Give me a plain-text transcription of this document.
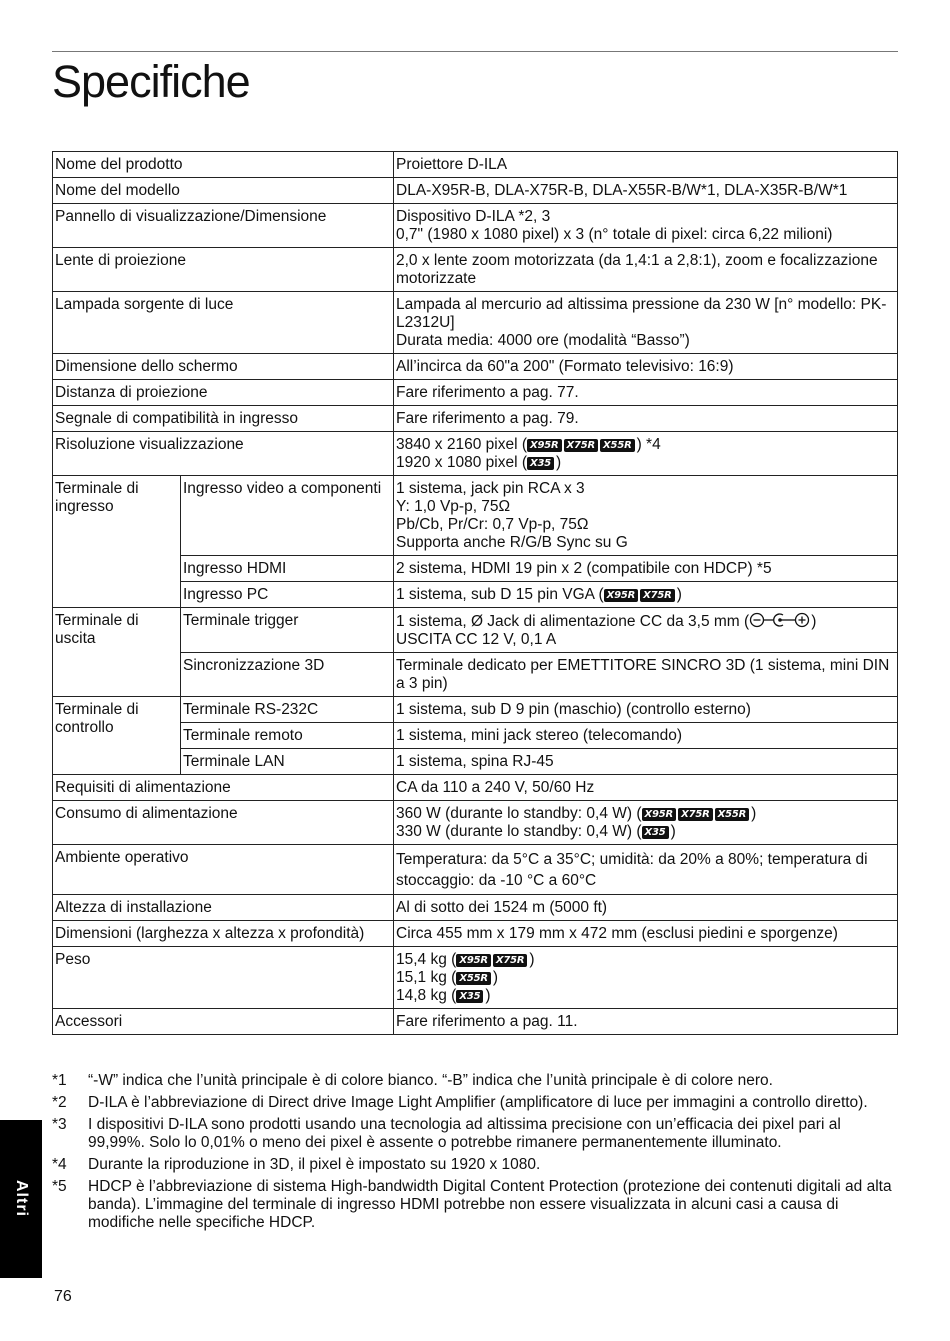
Specifiche
Nome del prodotto		Proiettore D-ILA
Nome del modello		DLA-X95R-B, DLA-X75R-B, DLA-X55R-B/W*1, DLA-X35R-B/W*1
Pannello di visualizzazione/Dimensione		Dispositivo D-ILA *2, 3
0,7" (1980 x 1080 pixel) x 3 (n° totale di pixel: circa 6,22 milioni)

Lente di proiezione		2,0 x lente zoom motorizzata (da 1,4:1 a 2,8:1), zoom e focalizzazione motorizzate
Lampada sorgente di luce		Lampada al mercurio ad altissima pressione da 230 W [n° modello: PK-L2312U]
Durata media: 4000 ore (modalità “Basso”)

Dimensione dello schermo		All’incirca da 60"a 200" (Formato televisivo: 16:9)
Distanza di proiezione		Fare riferimento a pag. 77.
Segnale di compatibilità in ingresso		Fare riferimento a pag. 79.
Risoluzione visualizzazione		3840 x 2160 pixel ( X95R X75R X55R ) *4
1920 x 1080 pixel ( X35 )

Terminale di ingresso	Ingresso video a componenti	1 sistema, jack pin RCA x 3
Y: 1,0 Vp-p, 75Ω
Pb/Cb, Pr/Cr: 0,7 Vp-p, 75Ω
Supporta anche R/G/B Sync su G

	Ingresso HDMI	2 sistema, HDMI 19 pin x 2 (compatibile con HDCP) *5
	Ingresso PC	1 sistema, sub D 15 pin VGA ( X95R X75R )
Terminale di uscita	Terminale trigger	1 sistema, Ø Jack di alimentazione CC da 3,5 mm ( )
USCITA CC 12 V, 0,1 A

	Sincronizzazione 3D	Terminale dedicato per EMETTITORE SINCRO 3D (1 sistema, mini DIN a 3 pin)
Terminale di controllo	Terminale RS-232C	1 sistema, sub D 9 pin (maschio) (controllo esterno)
	Terminale remoto	1 sistema, mini jack stereo (telecomando)
	Terminale LAN	1 sistema, spina RJ-45
Requisiti di alimentazione		CA da 110 a 240 V, 50/60 Hz
Consumo di alimentazione		360 W (durante lo standby: 0,4 W) ( X95R X75R X55R )
330 W (durante lo standby: 0,4 W) ( X35 )

Ambiente operativo		Temperatura: da 5°C a 35°C; umidità: da 20% a 80%; temperatura di stoccaggio: da -10 °C a 60°C
Altezza di installazione		Al di sotto dei 1524 m (5000 ft)
Dimensioni (larghezza x altezza x profondità)		Circa 455 mm x 179 mm x 472 mm (esclusi piedini e sporgenze)
Peso		15,4 kg ( X95R X75R )
15,1 kg ( X55R )
14,8 kg ( X35 )

Accessori		Fare riferimento a pag. 11.
*1	“-W” indica che l’unità principale è di colore bianco. “-B” indica che l’unità principale è di colore nero.
*2	D-ILA è l’abbreviazione di Direct drive Image Light Amplifier (amplificatore di luce per immagini a controllo diretto).
*3	I dispositivi D-ILA sono prodotti usando una tecnologia ad altissima precisione con un’efficacia dei pixel pari al 99,99%. Solo lo 0,01% o meno dei pixel è assente o potrebbe rimanere permanentemente illuminato.
*4	Durante la riproduzione in 3D, il pixel è impostato su 1920 x 1080.
*5	HDCP è l’abbreviazione di sistema High-bandwidth Digital Content Protection (protezione dei contenuti digitali ad alta banda). L’immagine del terminale di ingresso HDMI potrebbe non essere visualizzata in alcuni casi a causa di modifiche nelle specifiche HDCP.
Altri
76
